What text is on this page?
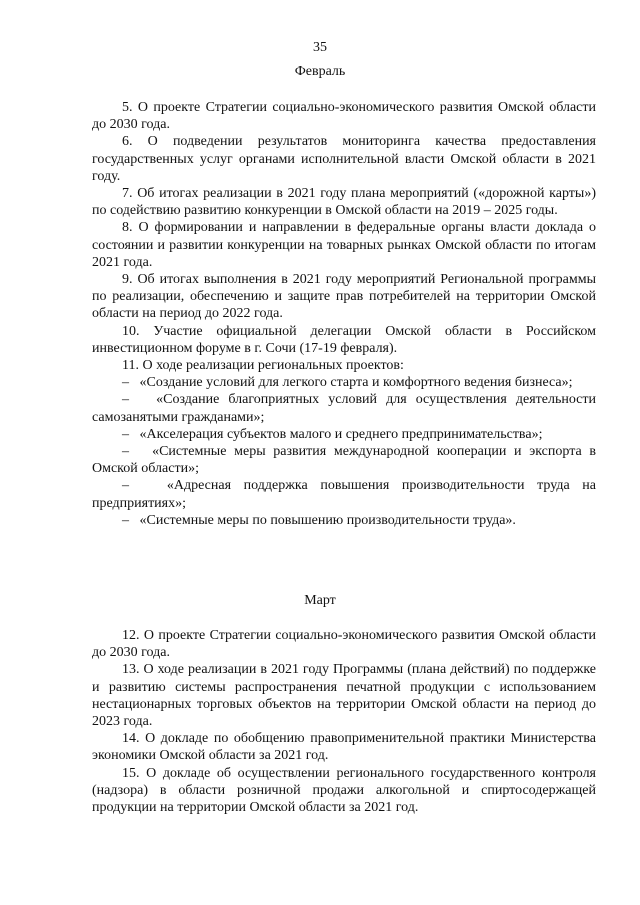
35
Февраль

5. О проекте Стратегии социально-экономического развития Омской области до 2030 года.

6. О подведении результатов мониторинга качества предоставления государственных услуг органами исполнительной власти Омской области в 2021 году.

7. Об итогах реализации в 2021 году плана мероприятий («дорожной карты») по содействию развитию конкуренции в Омской области на 2019 – 2025 годы.

8. О формировании и направлении в федеральные органы власти доклада о состоянии и развитии конкуренции на товарных рынках Омской области по итогам 2021 года.

9. Об итогах выполнения в 2021 году мероприятий Региональной программы по реализации, обеспечению и защите прав потребителей на территории Омской области на период до 2022 года.

10. Участие официальной делегации Омской области в Российском инвестиционном форуме в г. Сочи (17-19 февраля).

11. О ходе реализации региональных проектов:

– «Создание условий для легкого старта и комфортного ведения бизнеса»;

– «Создание благоприятных условий для осуществления деятельности самозанятыми гражданами»;

– «Акселерация субъектов малого и среднего предпринимательства»;

– «Системные меры развития международной кооперации и экспорта в Омской области»;

–	«Адресная поддержка повышения производительности труда на предприятиях»;

– «Системные меры по повышению производительности труда».

Март

12. О проекте Стратегии социально-экономического развития Омской области до 2030 года.

13. О ходе реализации в 2021 году Программы (плана действий) по поддержке и развитию системы распространения печатной продукции с использованием нестационарных торговых объектов на территории Омской области на период до 2023 года.

14. О докладе по обобщению правоприменительной практики Министерства экономики Омской области за 2021 год.

15. О докладе об осуществлении регионального государственного контроля (надзора) в области розничной продажи алкогольной и спиртосодержащей продукции на территории Омской области за 2021 год.
